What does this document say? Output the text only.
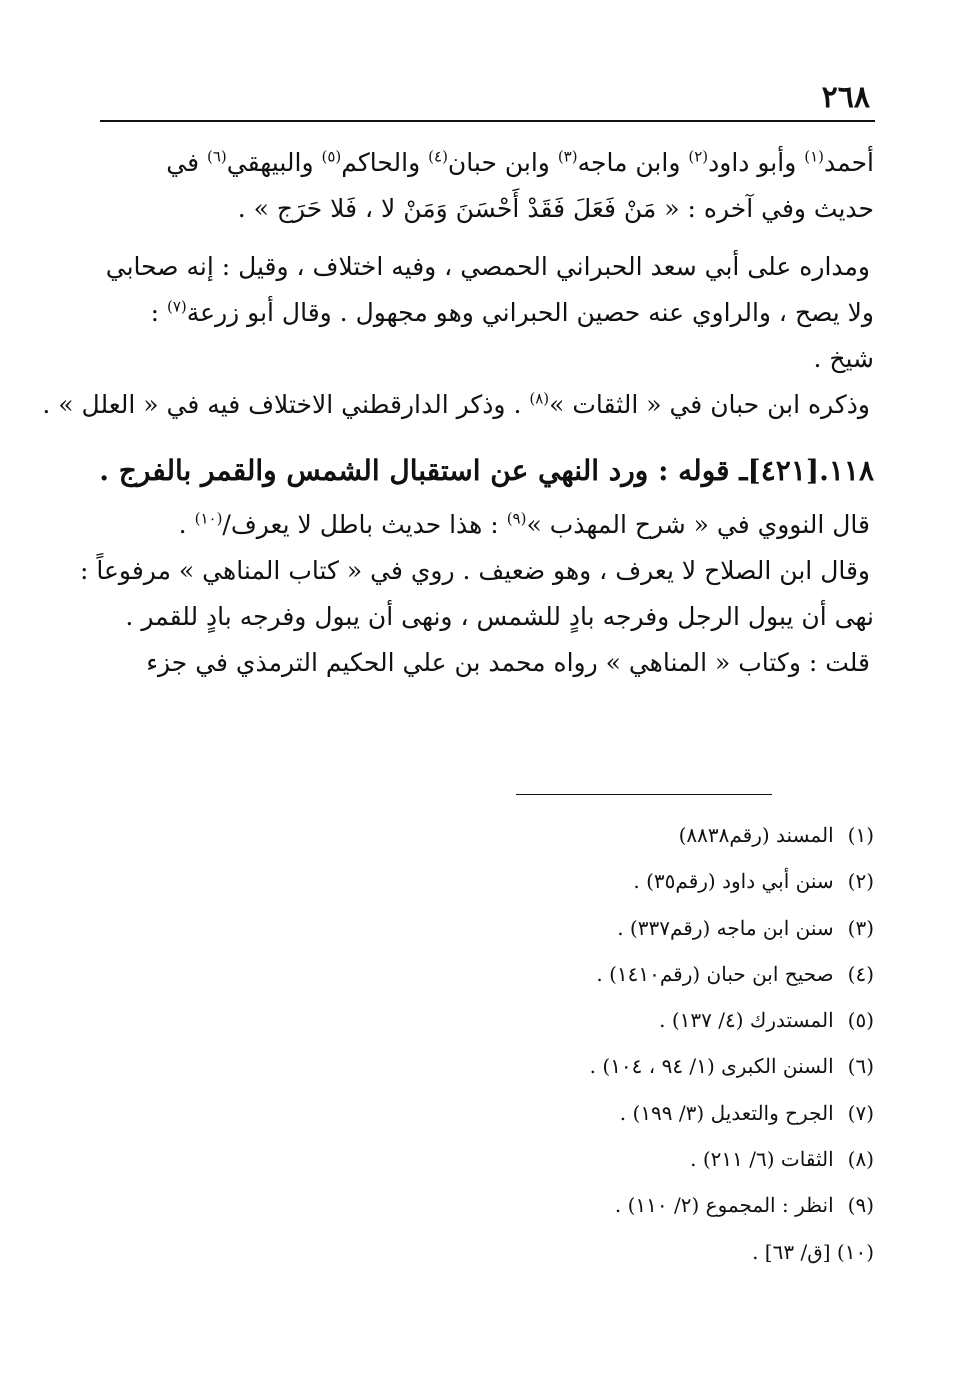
٢٦٨
أحمد$^{(١)}$ وأبو داود$^{(٢)}$ وابن ماجه$^{(٣)}$ وابن حبان$^{(٤)}$ والحاكم$^{(٥)}$ والبيهقي$^{(٦)}$ في
حديث وفي آخره : « مَنْ فَعَلَ فَقَدْ أَحْسَنَ وَمَنْ لا ، فَلا حَرَج » .
ومداره على أبي سعد الحبراني الحمصي ، وفيه اختلاف ، وقيل : إنه صحابي
ولا يصح ، والراوي عنه حصين الحبراني وهو مجهول . وقال أبو زرعة$^{(٧)}$ :
شيخ .
وذكره ابن حبان في « الثقات »$^{(٨)}$ . وذكر الدارقطني الاختلاف فيه في « العلل » .
١١٨.[٤٢١]ـ قوله : ورد النهي عن استقبال الشمس والقمر بالفرج .
قال النووي في « شرح المهذب »$^{(٩)}$ : هذا حديث باطل لا يعرف/$^{(١٠)}$ .
وقال ابن الصلاح لا يعرف ، وهو ضعيف . روي في « كتاب المناهي » مرفوعاً :
نهى أن يبول الرجل وفرجه بادٍ للشمس ، ونهى أن يبول وفرجه بادٍ للقمر .
قلت : وكتاب « المناهي » رواه محمد بن علي الحكيم الترمذي في جزء
(١) المسند (رقم٨٨٣٨)
(٢) سنن أبي داود (رقم٣٥) .
(٣) سنن ابن ماجه (رقم٣٣٧) .
(٤) صحيح ابن حبان (رقم١٤١٠) .
(٥) المستدرك (٤/ ١٣٧) .
(٦) السنن الكبرى (١/ ٩٤ ، ١٠٤) .
(٧) الجرح والتعديل (٣/ ١٩٩) .
(٨) الثقات (٦/ ٢١١) .
(٩) انظر : المجموع (٢/ ١١٠) .
(١٠) [ق/ ٦٣] .
